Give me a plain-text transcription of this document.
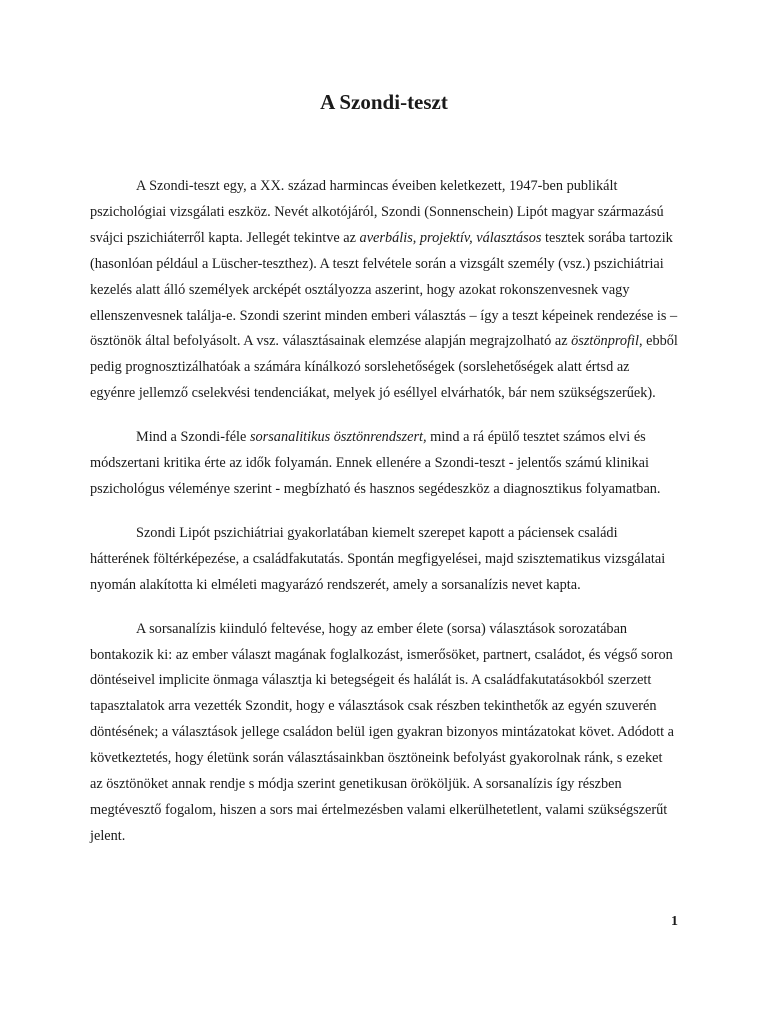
A Szondi-teszt

A Szondi-teszt egy, a XX. század harmincas éveiben keletkezett, 1947-ben publikált pszichológiai vizsgálati eszköz. Nevét alkotójáról, Szondi (Sonnenschein) Lipót magyar származású svájci pszichiáterről kapta. Jellegét tekintve az averbális, projektív, választásos tesztek sorába tartozik (hasonlóan például a Lüscher-teszthez). A teszt felvétele során a vizsgált személy (vsz.) pszichiátriai kezelés alatt álló személyek arcképét osztályozza aszerint, hogy azokat rokonszenvesnek vagy ellenszenvesnek találja-e. Szondi szerint minden emberi választás – így a teszt képeinek rendezése is – ösztönök által befolyásolt. A vsz. választásainak elemzése alapján megrajzolható az ösztönprofil, ebből pedig prognosztizálhatóak a számára kínálkozó sorslehetőségek (sorslehetőségek alatt értsd az egyénre jellemző cselekvési tendenciákat, melyek jó eséllyel elvárhatók, bár nem szükségszerűek).

Mind a Szondi-féle sorsanalitikus ösztönrendszert, mind a rá épülő tesztet számos elvi és módszertani kritika érte az idők folyamán. Ennek ellenére a Szondi-teszt - jelentős számú klinikai pszichológus véleménye szerint - megbízható és hasznos segédeszköz a diagnosztikus folyamatban.

Szondi Lipót pszichiátriai gyakorlatában kiemelt szerepet kapott a páciensek családi hátterének föltérképezése, a családfakutatás. Spontán megfigyelései, majd szisztematikus vizsgálatai nyomán alakította ki elméleti magyarázó rendszerét, amely a sorsanalízis nevet kapta.

A sorsanalízis kiinduló feltevése, hogy az ember élete (sorsa) választások sorozatában bontakozik ki: az ember választ magának foglalkozást, ismerősöket, partnert, családot, és végső soron döntéseivel implicite önmaga választja ki betegségeit és halálát is. A családfakutatásokból szerzett tapasztalatok arra vezették Szondit, hogy e választások csak részben tekinthetők az egyén szuverén döntésének; a választások jellege családon belül igen gyakran bizonyos mintázatokat követ. Adódott a következtetés, hogy életünk során választásainkban ösztöneink befolyást gyakorolnak ránk, s ezeket az ösztönöket annak rendje s módja szerint genetikusan örököljük. A sorsanalízis így részben megtévesztő fogalom, hiszen a sors mai értelmezésben valami elkerülhetetlent, valami szükségszerűt jelent.

1
